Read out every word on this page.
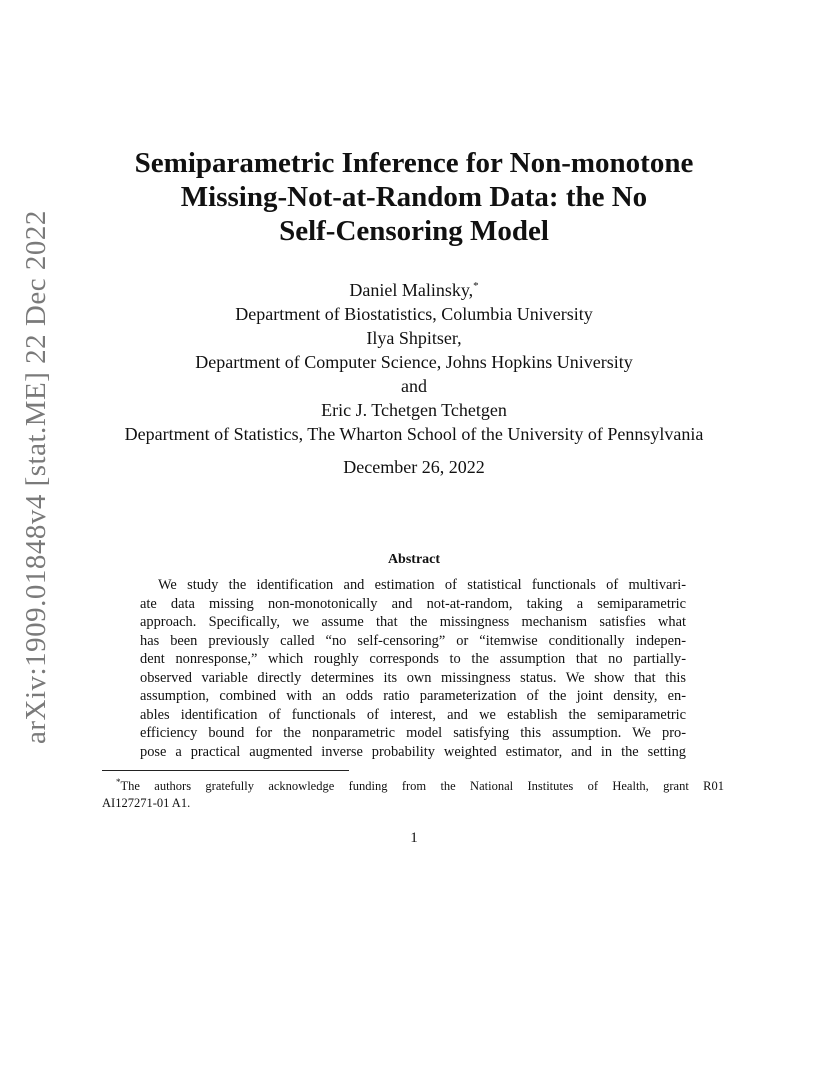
arXiv:1909.01848v4 [stat.ME] 22 Dec 2022
Semiparametric Inference for Non-monotone
Missing-Not-at-Random Data: the No
Self-Censoring Model
Daniel Malinsky,*
Department of Biostatistics, Columbia University
Ilya Shpitser,
Department of Computer Science, Johns Hopkins University
and
Eric J. Tchetgen Tchetgen
Department of Statistics, The Wharton School of the University of Pennsylvania
December 26, 2022
Abstract
We study the identification and estimation of statistical functionals of multivari-
ate data missing non-monotonically and not-at-random, taking a semiparametric
approach. Specifically, we assume that the missingness mechanism satisfies what
has been previously called “no self-censoring” or “itemwise conditionally indepen-
dent nonresponse,” which roughly corresponds to the assumption that no partially-
observed variable directly determines its own missingness status. We show that this
assumption, combined with an odds ratio parameterization of the joint density, en-
ables identification of functionals of interest, and we establish the semiparametric
efficiency bound for the nonparametric model satisfying this assumption. We pro-
pose a practical augmented inverse probability weighted estimator, and in the setting
*The authors gratefully acknowledge funding from the National Institutes of Health, grant R01
AI127271-01 A1.
1
